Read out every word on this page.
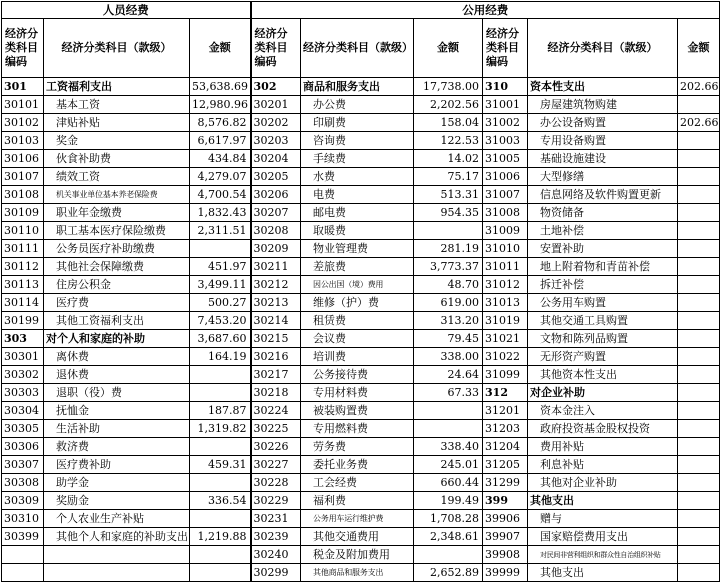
人员经费			公用经费					
经济分类科目编码	经济分类科目（款级）	金额	经济分类科目编码	经济分类科目（款级）	金额	经济分类科目编码	经济分类科目（款级）	金额
301	工资福利支出	53,638.69	302	商品和服务支出	17,738.00	310	资本性支出	202.66
30101	基本工资	12,980.96	30201	办公费	2,202.56	31001	房屋建筑物购建	
30102	津贴补贴	8,576.82	30202	印刷费	158.04	31002	办公设备购置	202.66
30103	奖金	6,617.97	30203	咨询费	122.53	31003	专用设备购置	
30106	伙食补助费	434.84	30204	手续费	14.02	31005	基础设施建设	
30107	绩效工资	4,279.07	30205	水费	75.17	31006	大型修缮	
30108	机关事业单位基本养老保险费	4,700.54	30206	电费	513.31	31007	信息网络及软件购置更新	
30109	职业年金缴费	1,832.43	30207	邮电费	954.35	31008	物资储备	
30110	职工基本医疗保险缴费	2,311.51	30208	取暖费		31009	土地补偿	
30111	公务员医疗补助缴费		30209	物业管理费	281.19	31010	安置补助	
30112	其他社会保障缴费	451.97	30211	差旅费	3,773.37	31011	地上附着物和青苗补偿	
30113	住房公积金	3,499.11	30212	因公出国（境）费用	48.70	31012	拆迁补偿	
30114	医疗费	500.27	30213	维修（护）费	619.00	31013	公务用车购置	
30199	其他工资福利支出	7,453.20	30214	租赁费	313.20	31019	其他交通工具购置	
303	对个人和家庭的补助	3,687.60	30215	会议费	79.45	31021	文物和陈列品购置	
30301	离休费	164.19	30216	培训费	338.00	31022	无形资产购置	
30302	退休费		30217	公务接待费	24.64	31099	其他资本性支出	
30303	退职（役）费		30218	专用材料费	67.33	312	对企业补助	
30304	抚恤金	187.87	30224	被装购置费		31201	资本金注入	
30305	生活补助	1,319.82	30225	专用燃料费		31203	政府投资基金股权投资	
30306	救济费		30226	劳务费	338.40	31204	费用补贴	
30307	医疗费补助	459.31	30227	委托业务费	245.01	31205	利息补贴	
30308	助学金		30228	工会经费	660.44	31299	其他对企业补助	
30309	奖励金	336.54	30229	福利费	199.49	399	其他支出	
30310	个人农业生产补贴		30231	公务用车运行维护费	1,708.28	39906	赠与	
30399	其他个人和家庭的补助支出	1,219.88	30239	其他交通费用	2,348.61	39907	国家赔偿费用支出	
			30240	税金及附加费用		39908	对民间非营利组织和群众性自治组织补贴	
			30299	其他商品和服务支出	2,652.89	39999	其他支出	
